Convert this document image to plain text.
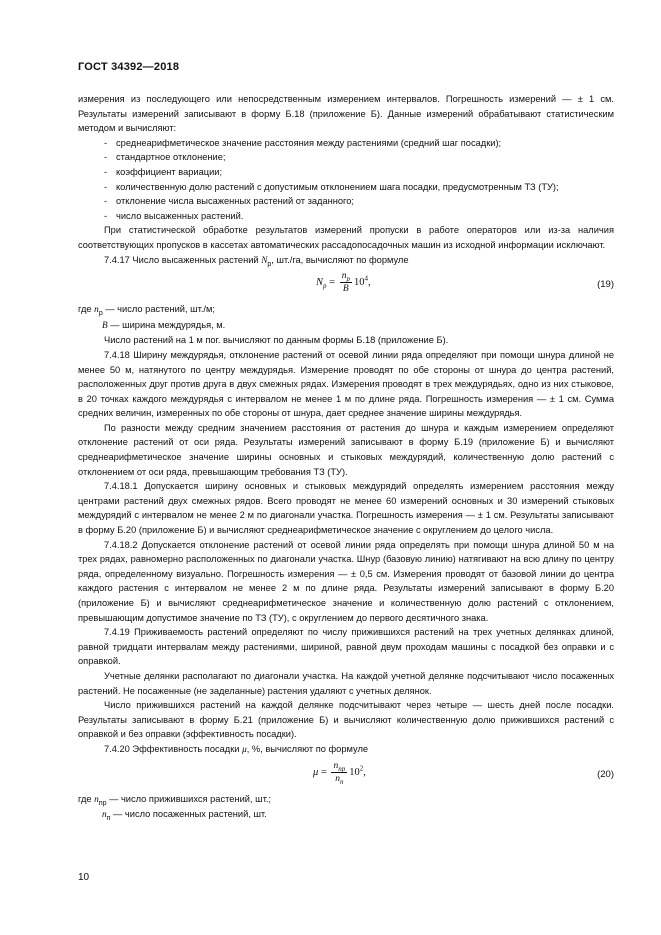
ГОСТ 34392—2018

измерения из последующего или непосредственным измерением интервалов. Погрешность измерений — ± 1 см. Результаты измерений записывают в форму Б.18 (приложение Б). Данные измерений обрабатывают статистическим методом и вычисляют:

- среднеарифметическое значение расстояния между растениями (средний шаг посадки);
- стандартное отклонение;
- коэффициент вариации;
- количественную долю растений с допустимым отклонением шага посадки, предусмотренным ТЗ (ТУ);
- отклонение числа высаженных растений от заданного;
- число высаженных растений.

При статистической обработке результатов измерений пропуски в работе операторов или из-за наличия соответствующих пропусков в кассетах автоматических рассадопосадочных машин из исходной информации исключают.

7.4.17 Число высаженных растений $N_р$, шт./га, вычисляют по формуле

$N_р = \frac{n_р}{B} 10^4$,	(19)
где $n_р$ — число растений, шт./м;
B — ширина междурядья, м.

Число растений на 1 м пог. вычисляют по данным формы Б.18 (приложение Б).

7.4.18 Ширину междурядья, отклонение растений от осевой линии ряда определяют при помощи шнура длиной не менее 50 м, натянутого по центру междурядья. Измерение проводят по обе стороны от шнура до центра растений, расположенных друг против друга в двух смежных рядах. Измерения проводят в трех междурядьях, одно из них стыковое, в 20 точках каждого междурядья с интервалом не менее 1 м по длине ряда. Погрешность измерения — ± 1 см. Сумма средних величин, измеренных по обе стороны от шнура, дает среднее значение ширины междурядья.

По разности между средним значением расстояния от растения до шнура и каждым измерением определяют отклонение растений от оси ряда. Результаты измерений записывают в форму Б.19 (приложение Б) и вычисляют среднеарифметическое значение ширины основных и стыковых междурядий, количественную долю растений с отклонением от оси ряда, превышающим требования ТЗ (ТУ).

7.4.18.1 Допускается ширину основных и стыковых междурядий определять измерением расстояния между центрами растений двух смежных рядов. Всего проводят не менее 60 измерений основных и 30 измерений стыковых междурядий с интервалом не менее 2 м по диагонали участка. Погрешность измерения — ± 1 см. Результаты записывают в форму Б.20 (приложение Б) и вычисляют среднеарифметическое значение с округлением до целого числа.

7.4.18.2 Допускается отклонение растений от осевой линии ряда определять при помощи шнура длиной 50 м на трех рядах, равномерно расположенных по диагонали участка. Шнур (базовую линию) натягивают на всю длину по центру ряда, определенному визуально. Погрешность измерения — ± 0,5 см. Измерения проводят от базовой линии до центра каждого растения с интервалом не менее 2 м по длине ряда. Результаты измерений записывают в форму Б.20 (приложение Б) и вычисляют среднеарифметическое значение и количественную долю растений с отклонением, превышающим допустимое значение по ТЗ (ТУ), с округлением до первого десятичного знака.

7.4.19 Приживаемость растений определяют по числу прижившихся растений на трех учетных делянках длиной, равной тридцати интервалам между растениями, шириной, равной двум проходам машины с посадкой без оправки и с оправкой.

Учетные делянки располагают по диагонали участка. На каждой учетной делянке подсчитывают число посаженных растений. Не посаженные (не заделанные) растения удаляют с учетных делянок.

Число прижившихся растений на каждой делянке подсчитывают через четыре — шесть дней после посадки. Результаты записывают в форму Б.21 (приложение Б) и вычисляют количественную долю прижившихся растений с оправкой и без оправки (эффективность посадки).

7.4.20 Эффективность посадки μ, %, вычисляют по формуле

$\mu = \frac{n_{пр}}{n_п} 10^2$,	(20)
где $n_{пр}$ — число прижившихся растений, шт.;
$n_п$ — число посаженных растений, шт.
10
